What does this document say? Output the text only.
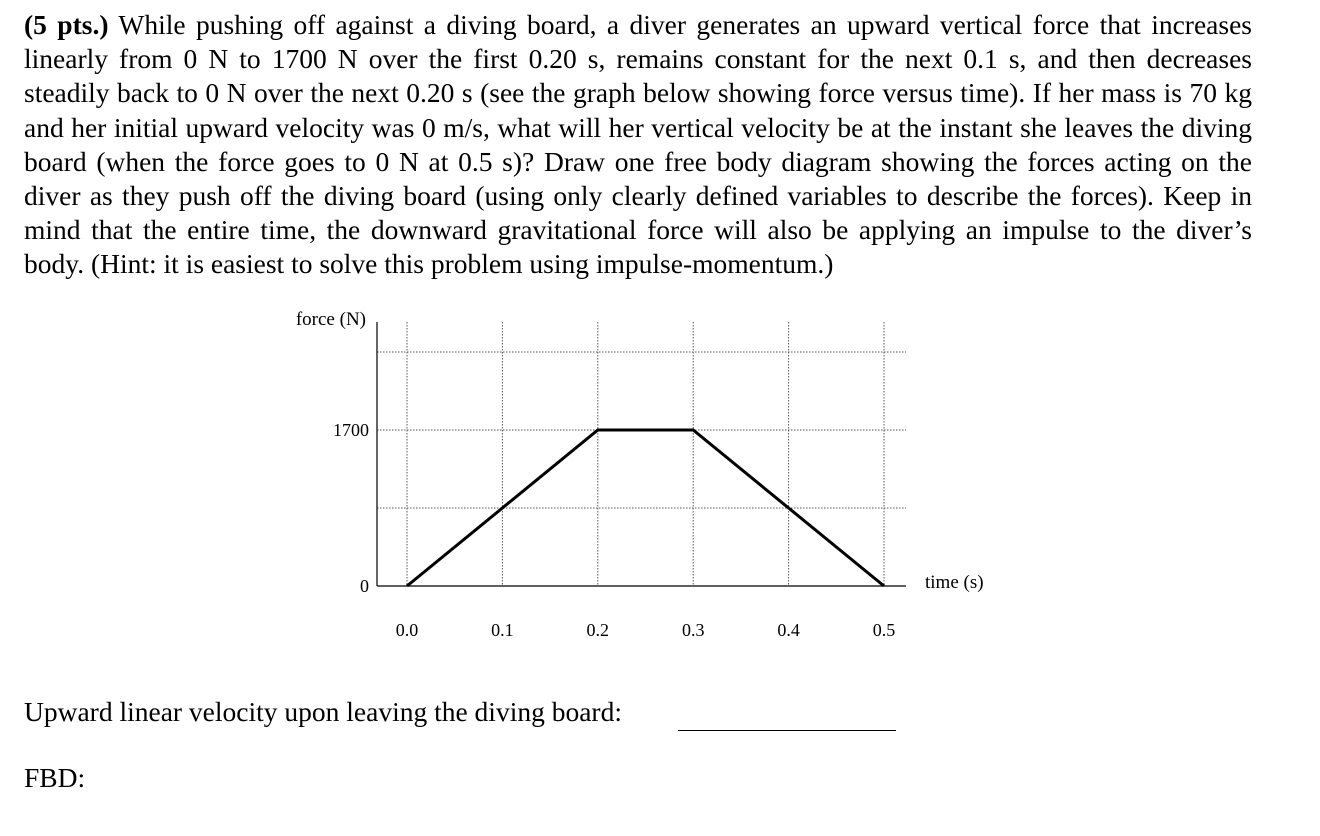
(5 pts.) While pushing off against a diving board, a diver generates an upward vertical force that increases linearly from 0 N to 1700 N over the first 0.20 s, remains constant for the next 0.1 s, and then decreases steadily back to 0 N over the next 0.20 s (see the graph below showing force versus time). If her mass is 70 kg and her initial upward velocity was 0 m/s, what will her vertical velocity be at the instant she leaves the diving board (when the force goes to 0 N at 0.5 s)? Draw one free body diagram showing the forces acting on the diver as they push off the diving board (using only clearly defined variables to describe the forces). Keep in mind that the entire time, the downward gravitational force will also be applying an impulse to the diver’s body. (Hint: it is easiest to solve this problem using impulse-momentum.)
0.0	0.1	0.2	0.3	0.4	0.5
0
1700
force (N)
time (s)
Upward linear velocity upon leaving the diving board:
FBD:
